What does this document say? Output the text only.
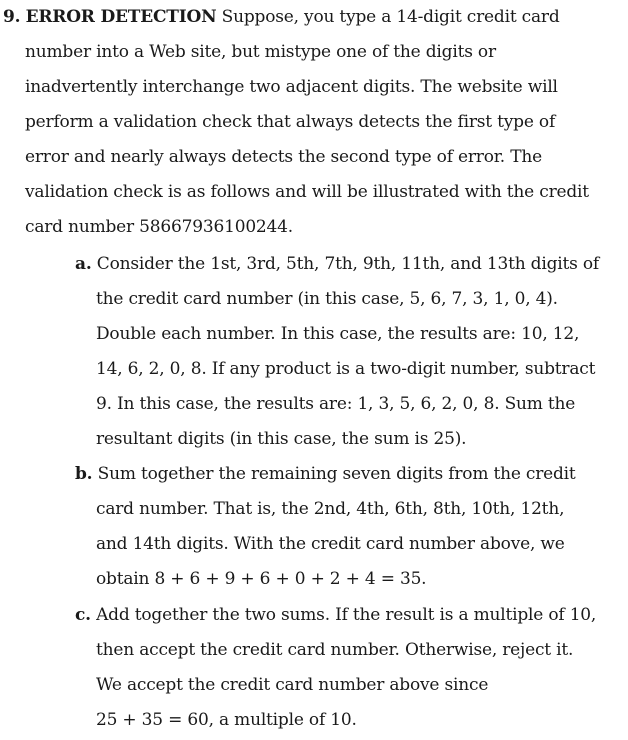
9. ERROR DETECTION Suppose, you type a 14-digit credit card
number into a Web site, but mistype one of the digits or
inadvertently interchange two adjacent digits. The website will
perform a validation check that always detects the first type of
error and nearly always detects the second type of error. The
validation check is as follows and will be illustrated with the credit
card number 58667936100244.
a. Consider the 1st, 3rd, 5th, 7th, 9th, 11th, and 13th digits of
the credit card number (in this case, 5, 6, 7, 3, 1, 0, 4).
Double each number. In this case, the results are: 10, 12,
14, 6, 2, 0, 8. If any product is a two-digit number, subtract
9. In this case, the results are: 1, 3, 5, 6, 2, 0, 8. Sum the
resultant digits (in this case, the sum is 25).
b. Sum together the remaining seven digits from the credit
card number. That is, the 2nd, 4th, 6th, 8th, 10th, 12th,
and 14th digits. With the credit card number above, we
obtain 8 + 6 + 9 + 6 + 0 + 2 + 4 = 35.
c. Add together the two sums. If the result is a multiple of 10,
then accept the credit card number. Otherwise, reject it.
We accept the credit card number above since
25 + 35 = 60, a multiple of 10.
